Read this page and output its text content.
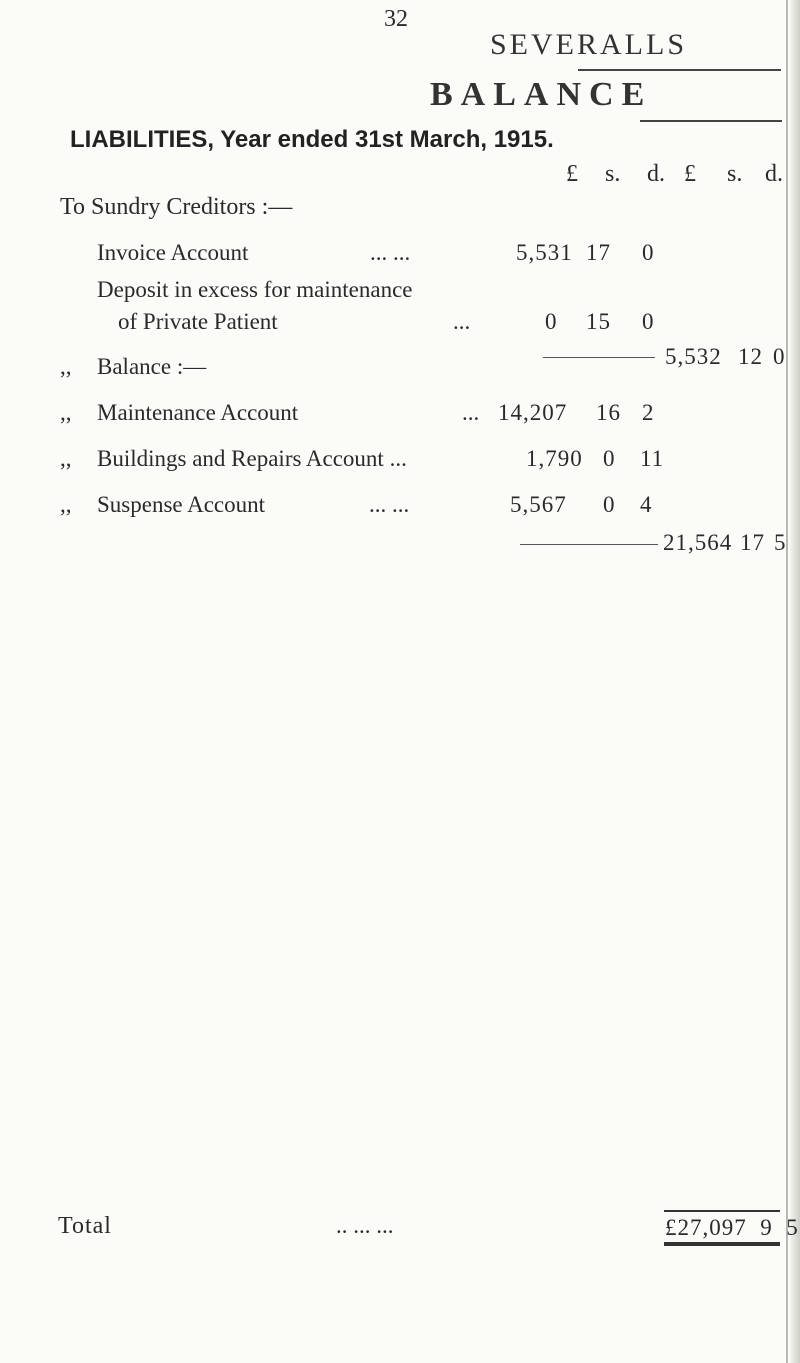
32
SEVERALLS
BALANCE
LIABILITIES, Year ended 31st March, 1915.
£ s. d. £ s. d.
To Sundry Creditors :—
Invoice Account	... ...	5,531 17 0
Deposit in excess for maintenance
of Private Patient	...	0 15 0
5,532 12 0
,, Balance :—
,, Maintenance Account	... 14,207 16 2
,, Buildings and Repairs Account ...	1,790 0 11
,, Suspense Account	... ...	5,567 0 4
21,564 17 5
Total	.. ... ...	£27,097  9  5
